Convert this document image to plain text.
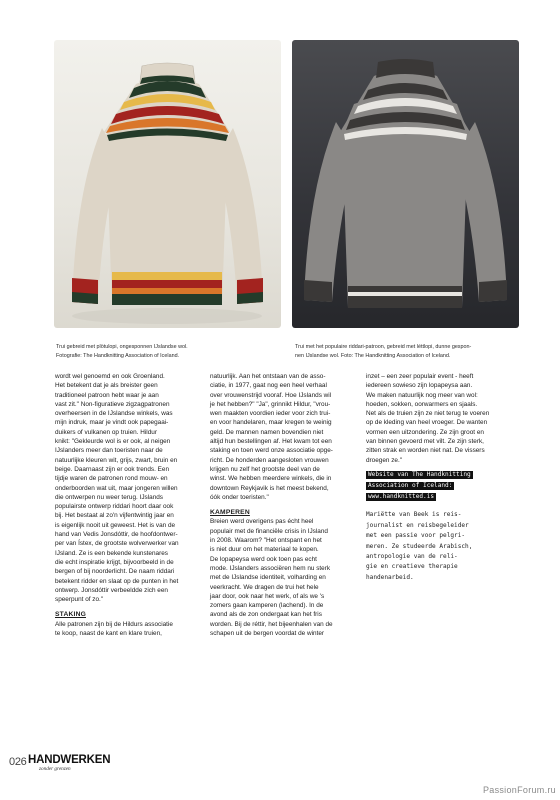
Trui gebreid met plötulopi, ongesponnen IJslandse wol.
Fotografie: The Handknitting Association of Iceland.
Trui met het populaire riddari-patroon, gebreid met léttlopi, dunne gespon-
nen IJslandse wol. Foto: The Handknitting Association of Iceland.
wordt wel genoemd en ook Groenland.
Het betekent dat je als breister geen
traditioneel patroon hebt waar je aan
vast zit." Non-figuratieve zigzagpatronen
overheersen in de IJslandse winkels, was
mijn indruk, maar je vindt ook papegaai-
duikers of vulkanen op truien. Hildur
knikt: "Gekleurde wol is er ook, al neigen
IJslanders meer dan toeristen naar de
natuurlijke kleuren wit, grijs, zwart, bruin en
beige. Daarnaast zijn er ook trends. Een
tijdje waren de patronen rond mouw- en
onderboorden wat uit, maar jongeren willen
die ontwerpen nu weer terug. IJslands
populairste ontwerp riddari hoort daar ook
bij. Het bestaat al zo'n vijfentwintig jaar en
is eigenlijk nooit uit geweest. Het is van de
hand van Vedis Jonsdóttir, de hoofdontwer-
per van Ístex, de grootste wolverwerker van
IJsland. Ze is een bekende kunstenares
die echt inspiratie krijgt, bijvoorbeeld in de
bergen of bij noorderlicht. De naam riddari
betekent ridder en slaat op de punten in het
ontwerp. Jonsdóttir verbeeldde zich een
speerpunt of zo."
STAKING
Alle patronen zijn bij de Hildurs associatie
te koop, naast de kant en klare truien,
natuurlijk. Aan het ontstaan van de asso-
ciatie, in 1977, gaat nog een heel verhaal
over vrouwenstrijd vooraf. Hoe IJslands wil
je het hebben?" "Ja", grinnikt Hildur, "vrou-
wen maakten voordien ieder voor zich trui-
en voor handelaren, maar kregen te weinig
geld. De mannen namen bovendien niet
altijd hun bestellingen af. Het kwam tot een
staking en toen werd onze associatie opge-
richt. De honderden aangesloten vrouwen
krijgen nu zelf het grootste deel van de
winst. We hebben meerdere winkels, die in
downtown Reykjavik is het meest bekend,
óók onder toeristen."
KAMPEREN
Breien werd overigens pas écht heel
populair met de financiële crisis in IJsland
in 2008. Waarom? "Het ontspant en het
is niet duur om het materiaal te kopen.
De lopapeysa werd ook toen pas echt
mode. IJslanders associëren hem nu sterk
met de IJslandse identiteit, volharding en
veerkracht. We dragen de trui het hele
jaar door, ook naar het werk, of als we 's
zomers gaan kamperen (lachend). In de
avond als de zon ondergaat kan het fris
worden. Bij de réttir, het bijeenhalen van de
schapen uit de bergen voordat de winter
inzet – een zeer populair event - heeft
iedereen sowieso zijn lopapeysa aan.
We maken natuurlijk nog meer van wol:
hoeden, sokken, oorwarmers en sjaals.
Net als de truien zijn ze niet terug te voeren
op de kleding van heel vroeger. De wanten
vormen een uitzondering. Ze zijn groot en
van binnen gevoerd met vilt. Ze zijn sterk,
zitten strak en worden niet nat. De vissers
droegen ze."
Website van The Handknitting Association of Iceland: www.handknitted.is
Mariëtte van Beek is reis-
journalist en reisbegeleider
met een passie voor pelgri-
meren. Ze studeerde Arabisch,
antropologie van de reli-
gie en creatieve therapie
handenarbeid.
026 HANDWERKEN
zonder grenzen
PassionForum.ru
